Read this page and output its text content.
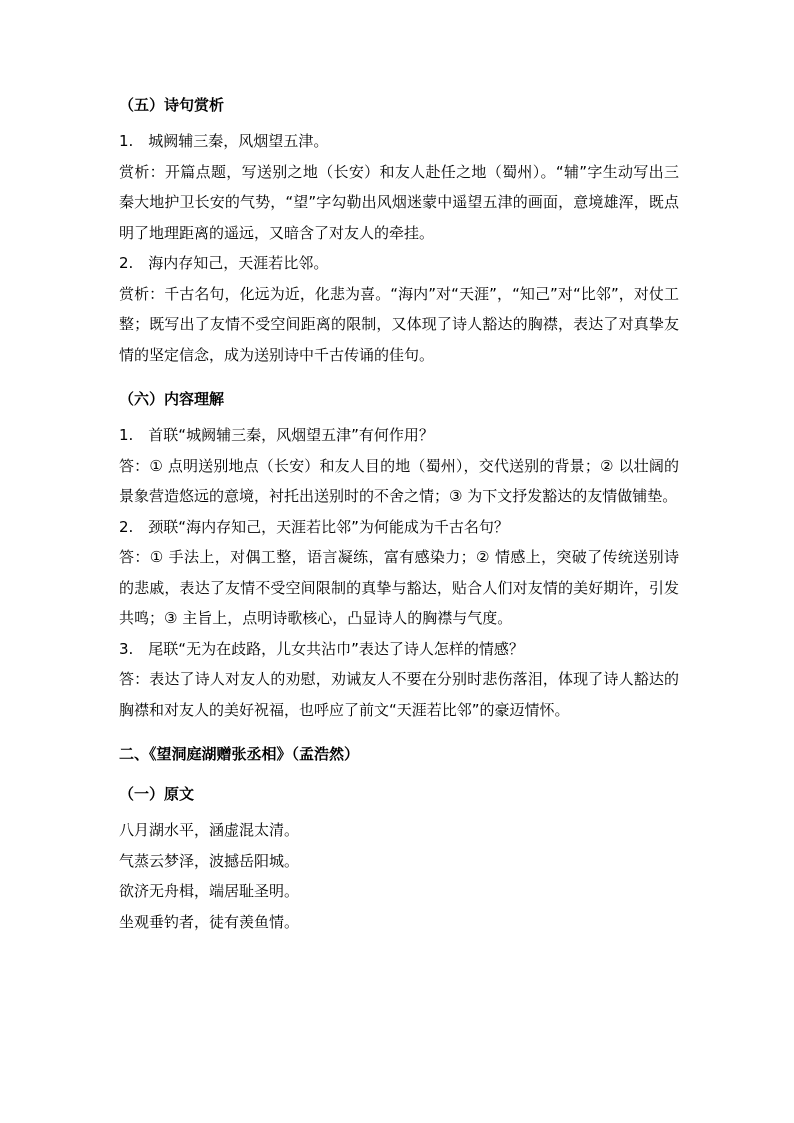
（五）诗句赏析

1.　城阙辅三秦，风烟望五津。

赏析：开篇点题，写送别之地（长安）和友人赴任之地（蜀州）。“辅”字生动写出三秦大地护卫长安的气势，“望”字勾勒出风烟迷蒙中遥望五津的画面，意境雄浑，既点明了地理距离的遥远，又暗含了对友人的牵挂。

2.　海内存知己，天涯若比邻。

赏析：千古名句，化远为近，化悲为喜。“海内”对“天涯”，“知己”对“比邻”，对仗工整；既写出了友情不受空间距离的限制，又体现了诗人豁达的胸襟，表达了对真挚友情的坚定信念，成为送别诗中千古传诵的佳句。

（六）内容理解

1.　首联“城阙辅三秦，风烟望五津”有何作用？

答：① 点明送别地点（长安）和友人目的地（蜀州），交代送别的背景；② 以壮阔的景象营造悠远的意境，衬托出送别时的不舍之情；③ 为下文抒发豁达的友情做铺垫。

2.　颈联“海内存知己，天涯若比邻”为何能成为千古名句？

答：① 手法上，对偶工整，语言凝练，富有感染力；② 情感上，突破了传统送别诗的悲戚，表达了友情不受空间限制的真挚与豁达，贴合人们对友情的美好期许，引发共鸣；③ 主旨上，点明诗歌核心，凸显诗人的胸襟与气度。

3.　尾联“无为在歧路，儿女共沾巾”表达了诗人怎样的情感？

答：表达了诗人对友人的劝慰，劝诫友人不要在分别时悲伤落泪，体现了诗人豁达的胸襟和对友人的美好祝福，也呼应了前文“天涯若比邻”的豪迈情怀。

二、《望洞庭湖赠张丞相》（孟浩然）

（一）原文

八月湖水平，涵虚混太清。

气蒸云梦泽，波撼岳阳城。

欲济无舟楫，端居耻圣明。

坐观垂钓者，徒有羡鱼情。
